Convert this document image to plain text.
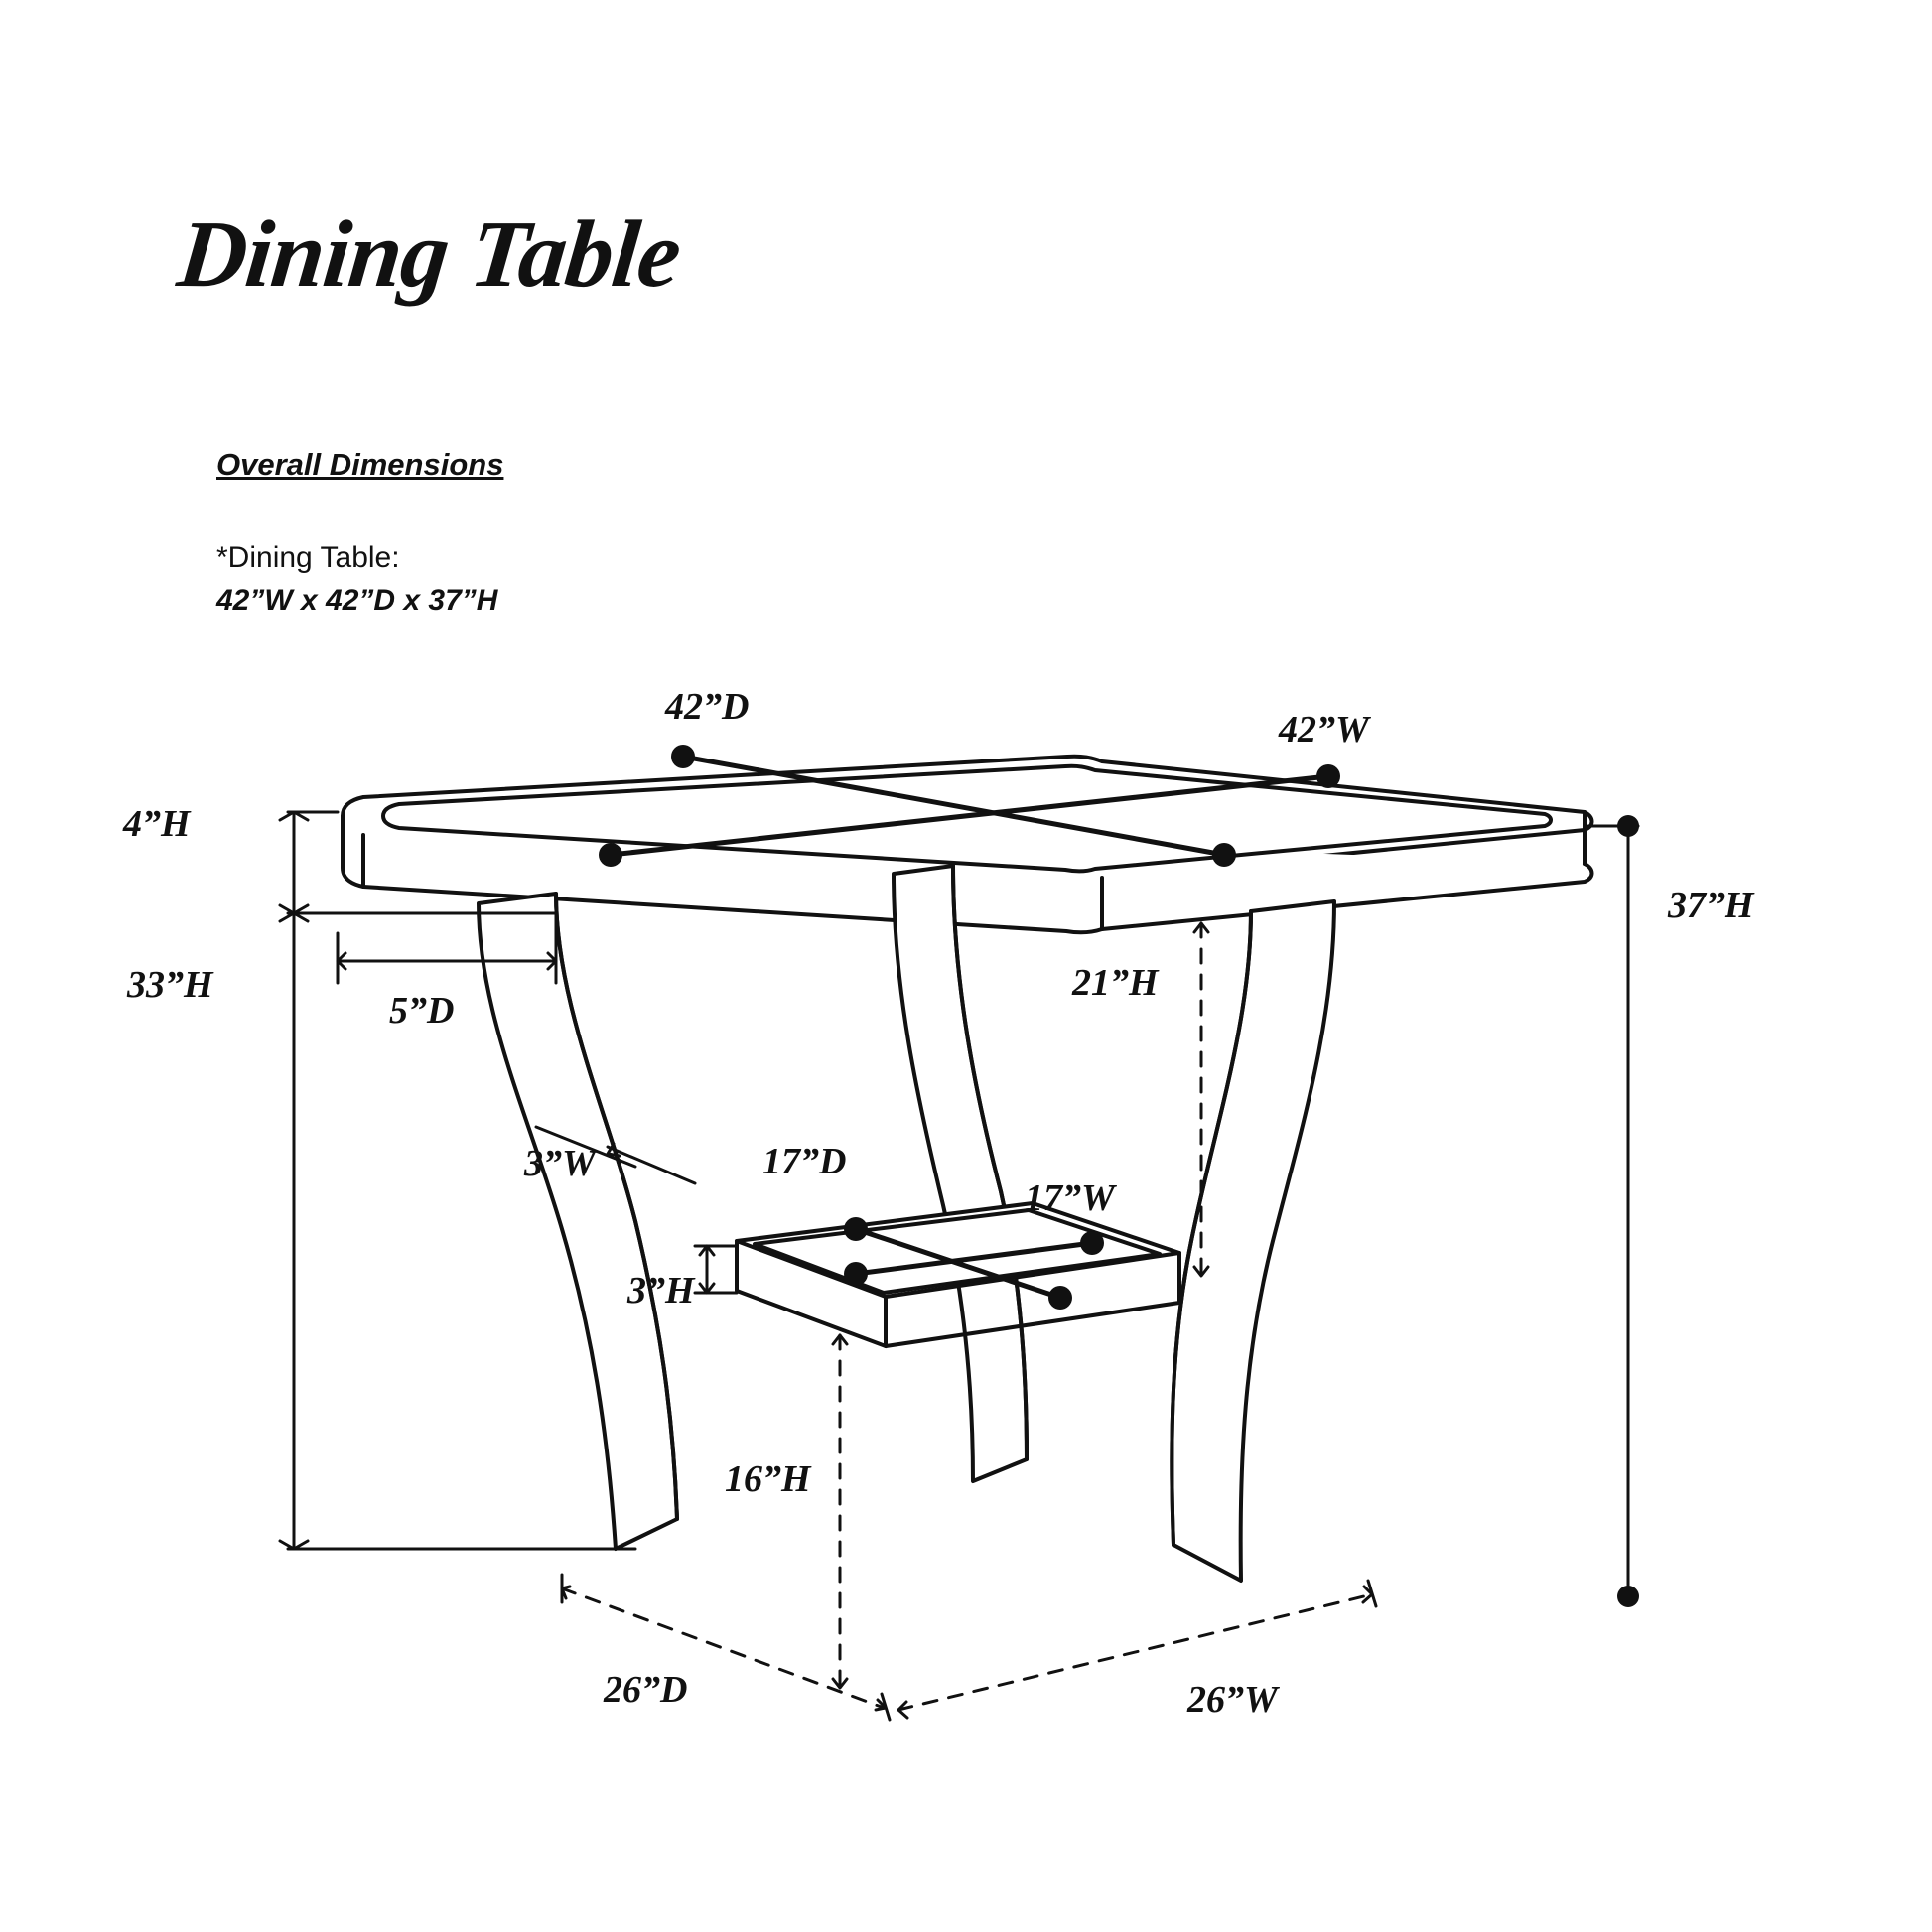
Dining Table
Overall Dimensions
*Dining Table:
42”W x 42”D x 37”H
42”D
42”W
4”H
37”H
33”H
5”D
21”H
3”W	17”D
17”W
3”H
16”H
26”D	26”W
